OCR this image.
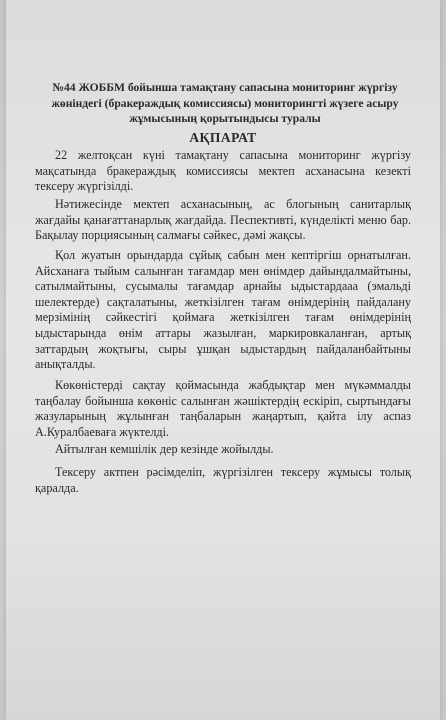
№44 ЖОББМ бойынша тамақтану сапасына мониторинг жүргізу жөніндегі (бракераждық комиссиясы) мониторингті жүзеге асыру жұмысының қорытындысы туралы
АҚПАРАТ
22 желтоқсан күні тамақтану сапасына мониторинг жүргізу мақсатында бракераждық комиссиясы мектеп асханасына кезекті тексеру жүргізілді.
Нәтижесінде мектеп асханасының, ас блогының санитарлық жағдайы қанағаттанарлық жағдайда. Песпективті, күнделікті меню бар. Бақылау порциясының салмағы сәйкес, дәмі жақсы.
Қол жуатын орындарда сұйық сабын мен кептіргіш орнатылған. Айсханаға тыйым салынған тағамдар мен өнімдер дайындалмайтыны, сатылмайтыны, сусымалы тағамдар арнайы ыдыстардааа (эмальді шелектерде) сақталатыны, жеткізілген тағам өнімдерінің пайдалану мерзімінің сәйкестігі қоймаға жеткізілген тағам өнімдерінің ыдыстарында өнім аттары жазылған, маркировкаланған, артық заттардың жоқтығы, сыры ұшқан ыдыстардың пайдаланбайтыны анықталды.
Көкөністерді сақтау қоймасында жабдықтар мен мүкәммалды таңбалау бойынша көкөніс салынған жәшіктердің ескіріп, сыртындағы жазуларының жұлынған таңбаларын жаңартып, қайта ілу аспаз А.Куралбаеваға жүктелді.
Айтылған кемшілік дер кезінде жойылды.
Тексеру актпен рәсімделіп, жүргізілген тексеру жұмысы толық қаралда.
